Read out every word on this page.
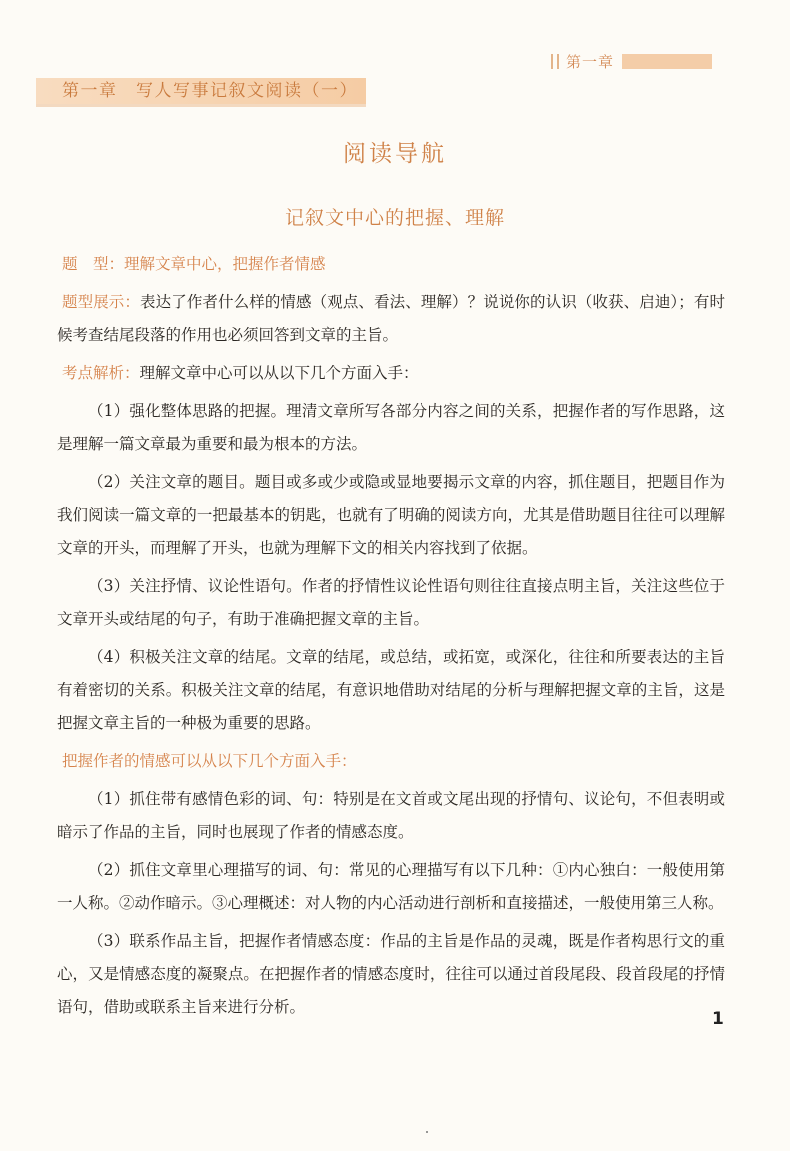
第一章
第一章　写人写事记叙文阅读（一）
阅读导航
记叙文中心的把握、理解

题　型：理解文章中心，把握作者情感

题型展示：表达了作者什么样的情感（观点、看法、理解）？说说你的认识（收获、启迪）；有时候考查结尾段落的作用也必须回答到文章的主旨。

考点解析：理解文章中心可以从以下几个方面入手：

（1）强化整体思路的把握。理清文章所写各部分内容之间的关系，把握作者的写作思路，这是理解一篇文章最为重要和最为根本的方法。

（2）关注文章的题目。题目或多或少或隐或显地要揭示文章的内容，抓住题目，把题目作为我们阅读一篇文章的一把最基本的钥匙，也就有了明确的阅读方向，尤其是借助题目往往可以理解文章的开头，而理解了开头，也就为理解下文的相关内容找到了依据。

（3）关注抒情、议论性语句。作者的抒情性议论性语句则往往直接点明主旨，关注这些位于文章开头或结尾的句子，有助于准确把握文章的主旨。

（4）积极关注文章的结尾。文章的结尾，或总结，或拓宽，或深化，往往和所要表达的主旨有着密切的关系。积极关注文章的结尾，有意识地借助对结尾的分析与理解把握文章的主旨，这是把握文章主旨的一种极为重要的思路。

把握作者的情感可以从以下几个方面入手：

（1）抓住带有感情色彩的词、句：特别是在文首或文尾出现的抒情句、议论句，不但表明或暗示了作品的主旨，同时也展现了作者的情感态度。

（2）抓住文章里心理描写的词、句：常见的心理描写有以下几种：①内心独白：一般使用第一人称。②动作暗示。③心理概述：对人物的内心活动进行剖析和直接描述，一般使用第三人称。

（3）联系作品主旨，把握作者情感态度：作品的主旨是作品的灵魂，既是作者构思行文的重心，又是情感态度的凝聚点。在把握作者的情感态度时，往往可以通过首段尾段、段首段尾的抒情语句，借助或联系主旨来进行分析。

1
